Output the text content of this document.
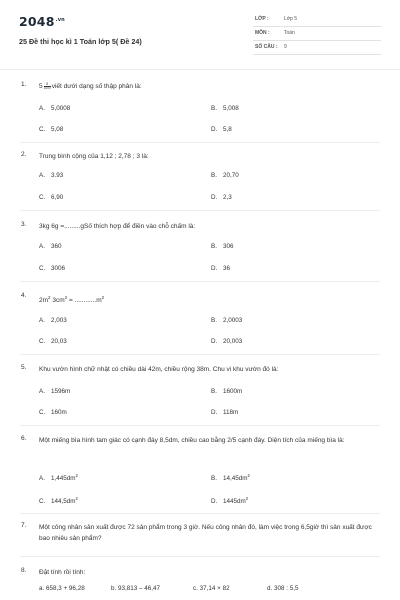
$2048^{.vn}$
25 Đề thi học kì 1 Toán lớp 5( Đề 24)
LỚP :	Lớp 5
MÔN :	Toán
SỐ CÂU : 9
1. $5 \frac{8}{1000}$ viết dưới dạng số thập phân là:
A. 5,0008	B. 5,008
C. 5,08	D. 5,8
2. Trung bình cộng của 1,12 ; 2,78 ; 3 là:
A. 3.93	B. 20,70
C. 6,90	D. 2,3
3. 3kg 6g =.........gSố thích hợp để điền vào chỗ chấm là:
A. 360	B. 306
C. 3006	D. 36
4.
$2m^2$ $3cm^2 = ............m^2$
A. 2,003	B. 2,0003
C. 20,03	D. 20,003
5. Khu vườn hình chữ nhật có chiều dài 42m, chiều rộng 38m. Chu vi khu vườn đó là:
A. 1596m	B. 1600m
C. 160m	D. 118m
6. Một miếng bìa hình tam giác có cạnh đáy 8,5dm, chiều cao bằng 2/5 cạnh đáy. Diện tích của miếng bìa là:
A. $1,445dm^2$	B. $14,45dm^2$
C. $144,5dm^2$	D. $1445dm^2$
7. Một công nhân sản xuất được 72 sản phẩm trong 3 giờ. Nếu công nhân đó, làm việc trong 6,5giờ thì sản xuất được bao nhiêu sản phẩm?
8. Đặt tính rồi tính:
a. 658,3 + 96,28	b. 93,813 – 46,47	c. 37,14 × 82	d. 308 : 5,5
